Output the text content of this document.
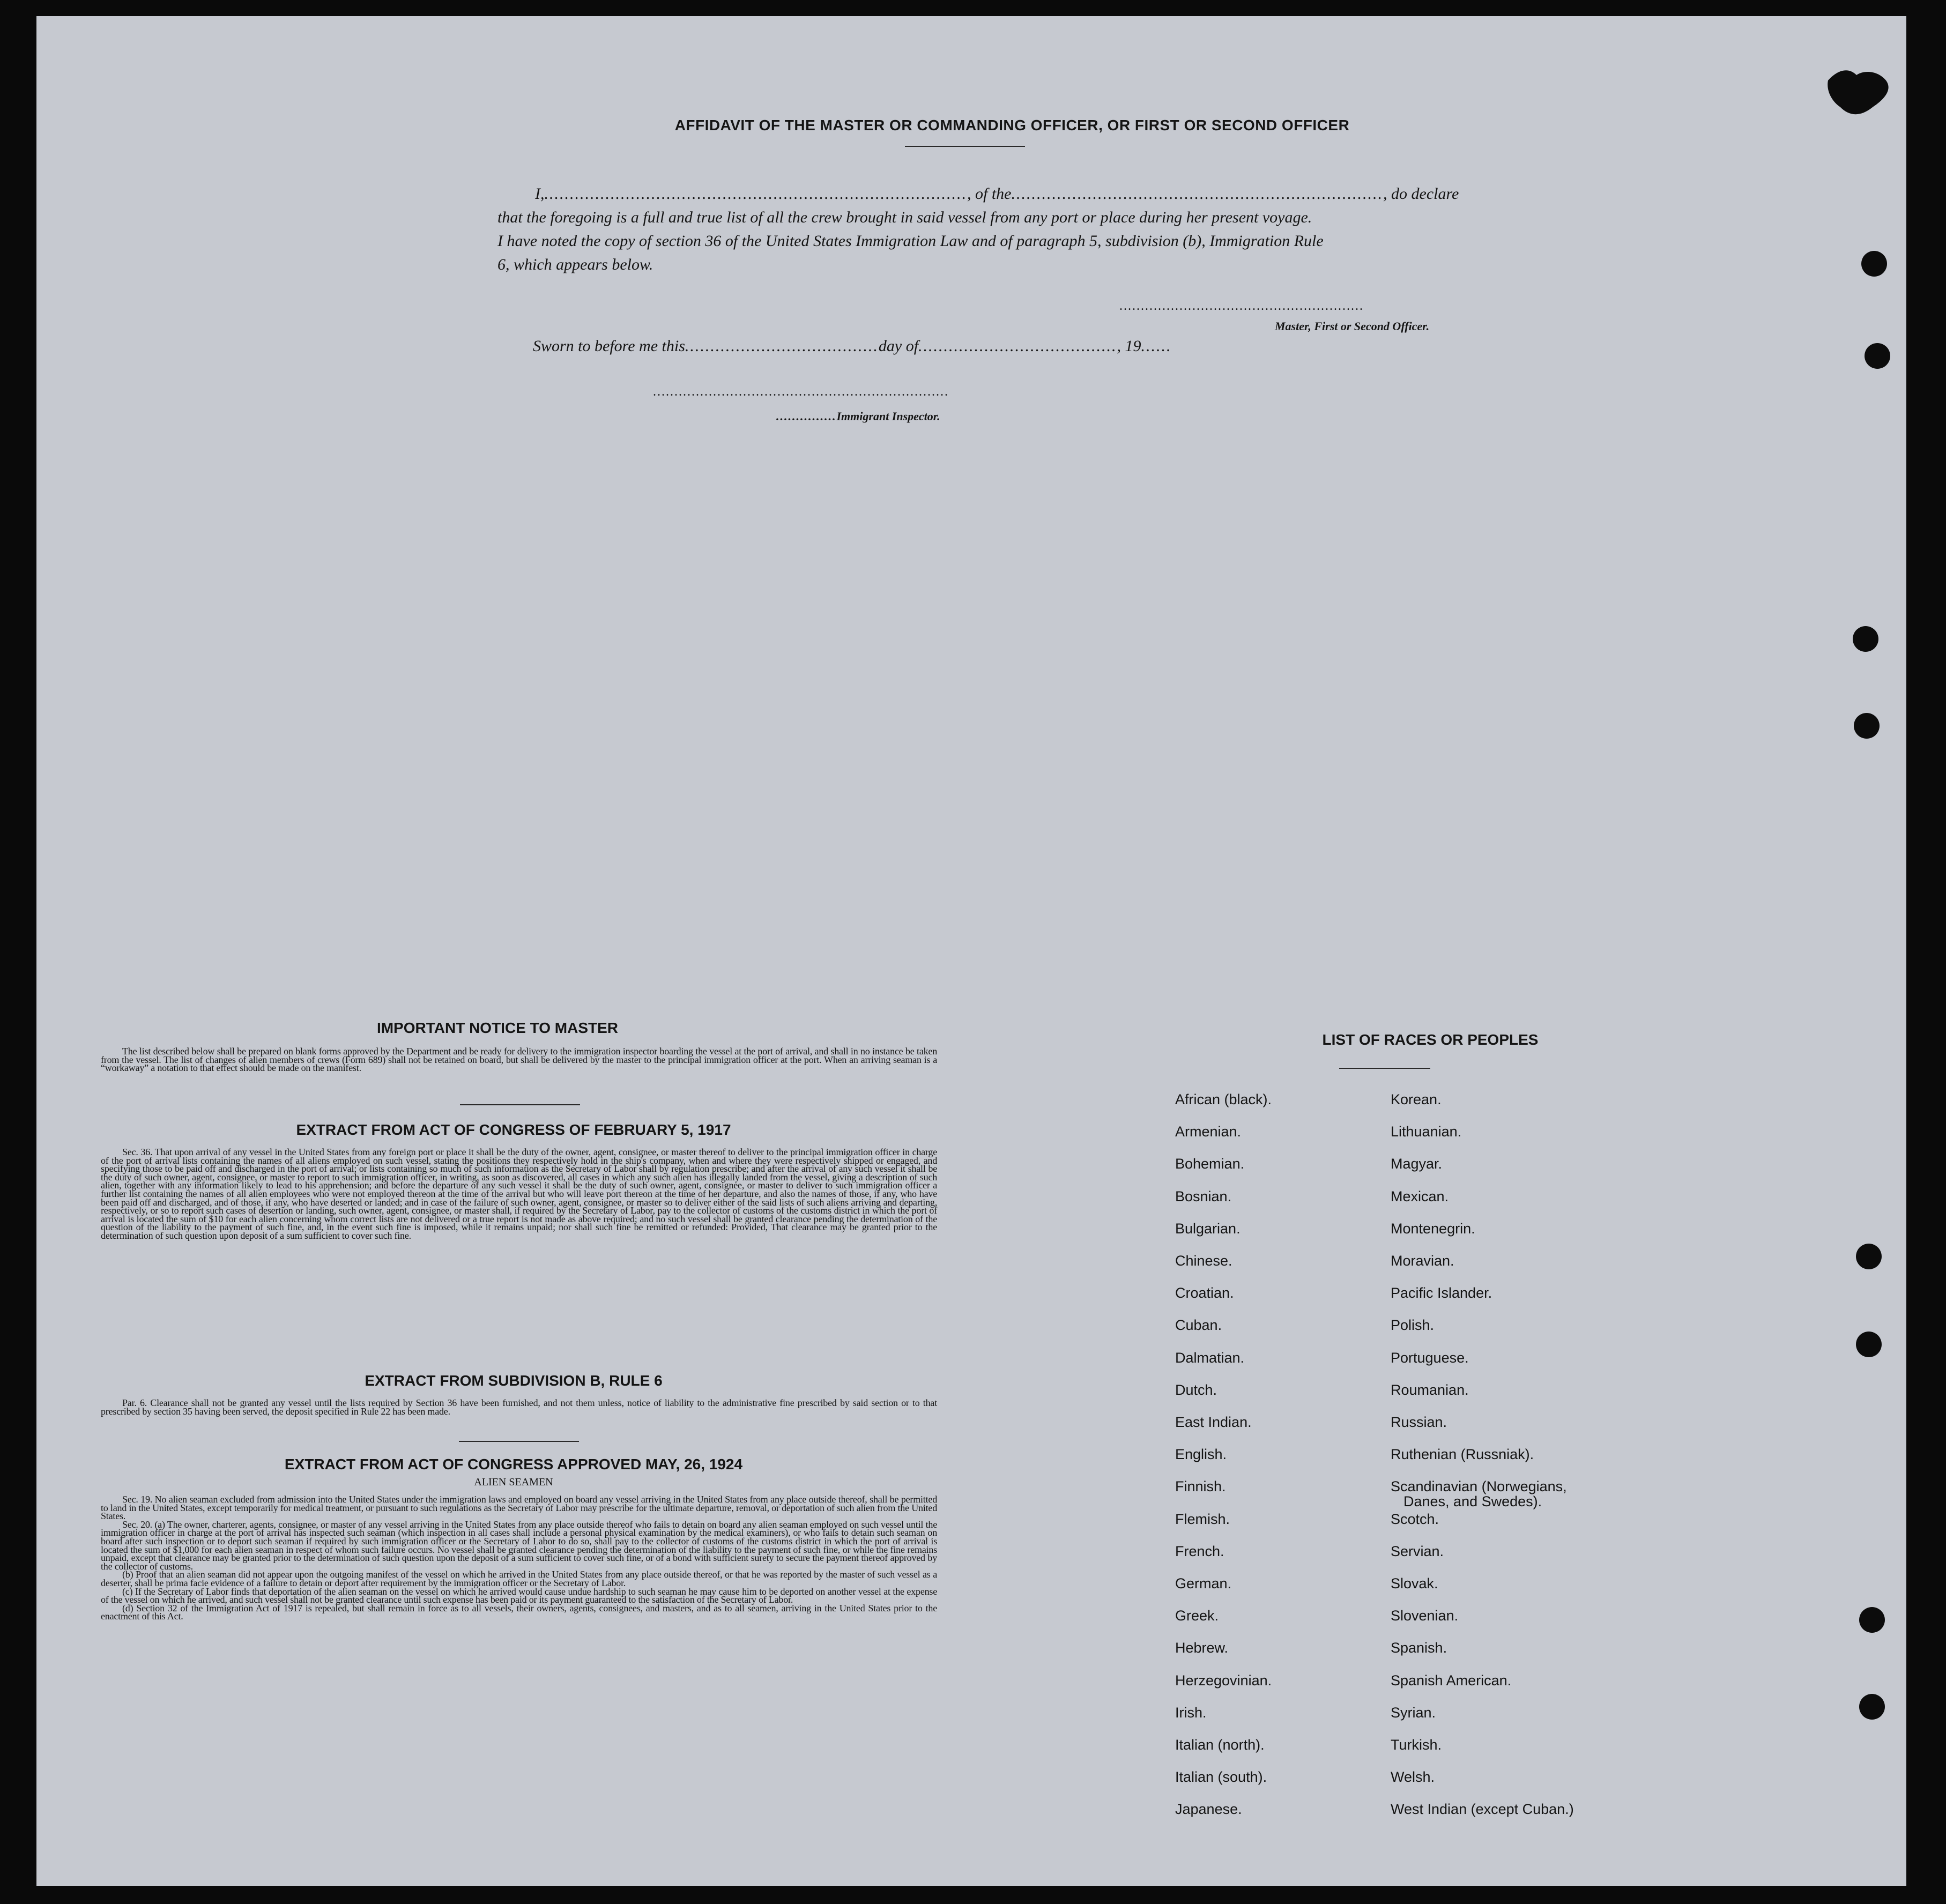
AFFIDAVIT OF THE MASTER OR COMMANDING OFFICER, OR FIRST OR SECOND OFFICER
I,..................................................................................., of the........................................................................., do declare
that the foregoing is a full and true list of all the crew brought in said vessel from any port or place during her present voyage.
I have noted the copy of section 36 of the United States Immigration Law and of paragraph 5, subdivision (b), Immigration Rule
6, which appears below.
.........................................................
Master, First or Second Officer.
Sworn to before me this......................................day of......................................., 19......
.....................................................................
...............Immigrant Inspector.
IMPORTANT NOTICE TO MASTER

The list described below shall be prepared on blank forms approved by the Department and be ready for delivery to the immigration inspector boarding the vessel at the port of arrival, and shall in no instance be taken from the vessel. The list of changes of alien members of crews (Form 689) shall not be retained on board, but shall be delivered by the master to the principal immigration officer at the port. When an arriving seaman is a “workaway” a notation to that effect should be made on the manifest.

EXTRACT FROM ACT OF CONGRESS OF FEBRUARY 5, 1917

Sec. 36. That upon arrival of any vessel in the United States from any foreign port or place it shall be the duty of the owner, agent, consignee, or master thereof to deliver to the principal immigration officer in charge of the port of arrival lists containing the names of all aliens employed on such vessel, stating the positions they respectively hold in the ship's company, when and where they were respectively shipped or engaged, and specifying those to be paid off and discharged in the port of arrival; or lists containing so much of such information as the Secretary of Labor shall by regulation prescribe; and after the arrival of any such vessel it shall be the duty of such owner, agent, consignee, or master to report to such immigration officer, in writing, as soon as discovered, all cases in which any such alien has illegally landed from the vessel, giving a description of such alien, together with any information likely to lead to his apprehension; and before the departure of any such vessel it shall be the duty of such owner, agent, consignee, or master to deliver to such immigration officer a further list containing the names of all alien employees who were not employed thereon at the time of the arrival but who will leave port thereon at the time of her departure, and also the names of those, if any, who have been paid off and discharged, and of those, if any, who have deserted or landed; and in case of the failure of such owner, agent, consignee, or master so to deliver either of the said lists of such aliens arriving and departing, respectively, or so to report such cases of desertion or landing, such owner, agent, consignee, or master shall, if required by the Secretary of Labor, pay to the collector of customs of the customs district in which the port of arrival is located the sum of $10 for each alien concerning whom correct lists are not delivered or a true report is not made as above required; and no such vessel shall be granted clearance pending the determination of the question of the liability to the payment of such fine, and, in the event such fine is imposed, while it remains unpaid; nor shall such fine be remitted or refunded: Provided, That clearance may be granted prior to the determination of such question upon deposit of a sum sufficient to cover such fine.

EXTRACT FROM SUBDIVISION B, RULE 6

Par. 6. Clearance shall not be granted any vessel until the lists required by Section 36 have been furnished, and not them unless, notice of liability to the administrative fine prescribed by said section or to that prescribed by section 35 having been served, the deposit specified in Rule 22 has been made.

EXTRACT FROM ACT OF CONGRESS APPROVED MAY, 26, 1924
ALIEN SEAMEN

Sec. 19. No alien seaman excluded from admission into the United States under the immigration laws and employed on board any vessel arriving in the United States from any place outside thereof, shall be permitted to land in the United States, except temporarily for medical treatment, or pursuant to such regulations as the Secretary of Labor may prescribe for the ultimate departure, removal, or deportation of such alien from the United States.

Sec. 20. (a) The owner, charterer, agents, consignee, or master of any vessel arriving in the United States from any place outside thereof who fails to detain on board any alien seaman employed on such vessel until the immigration officer in charge at the port of arrival has inspected such seaman (which inspection in all cases shall include a personal physical examination by the medical examiners), or who fails to detain such seaman on board after such inspection or to deport such seaman if required by such immigration officer or the Secretary of Labor to do so, shall pay to the collector of customs of the customs district in which the port of arrival is located the sum of $1,000 for each alien seaman in respect of whom such failure occurs. No vessel shall be granted clearance pending the determination of the liability to the payment of such fine, or while the fine remains unpaid, except that clearance may be granted prior to the determination of such question upon the deposit of a sum sufficient to cover such fine, or of a bond with sufficient surety to secure the payment thereof approved by the collector of customs.

(b) Proof that an alien seaman did not appear upon the outgoing manifest of the vessel on which he arrived in the United States from any place outside thereof, or that he was reported by the master of such vessel as a deserter, shall be prima facie evidence of a failure to detain or deport after requirement by the immigration officer or the Secretary of Labor.

(c) If the Secretary of Labor finds that deportation of the alien seaman on the vessel on which he arrived would cause undue hardship to such seaman he may cause him to be deported on another vessel at the expense of the vessel on which he arrived, and such vessel shall not be granted clearance until such expense has been paid or its payment guaranteed to the satisfaction of the Secretary of Labor.

(d) Section 32 of the Immigration Act of 1917 is repealed, but shall remain in force as to all vessels, their owners, agents, consignees, and masters, and as to all seamen, arriving in the United States prior to the enactment of this Act.

LIST OF RACES OR PEOPLES
Danes, and Swedes).
African (black).
Armenian.
Bohemian.
Bosnian.
Bulgarian.
Chinese.
Croatian.
Cuban.
Dalmatian.
Dutch.
East Indian.
English.
Finnish.
Flemish.
French.
German.
Greek.
Hebrew.
Herzegovinian.
Irish.
Italian (north).
Italian (south).
Japanese.
Korean.
Lithuanian.
Magyar.
Mexican.
Montenegrin.
Moravian.
Pacific Islander.
Polish.
Portuguese.
Roumanian.
Russian.
Ruthenian (Russniak).
Scandinavian (Norwegians,
Scotch.
Servian.
Slovak.
Slovenian.
Spanish.
Spanish American.
Syrian.
Turkish.
Welsh.
West Indian (except Cuban.)
